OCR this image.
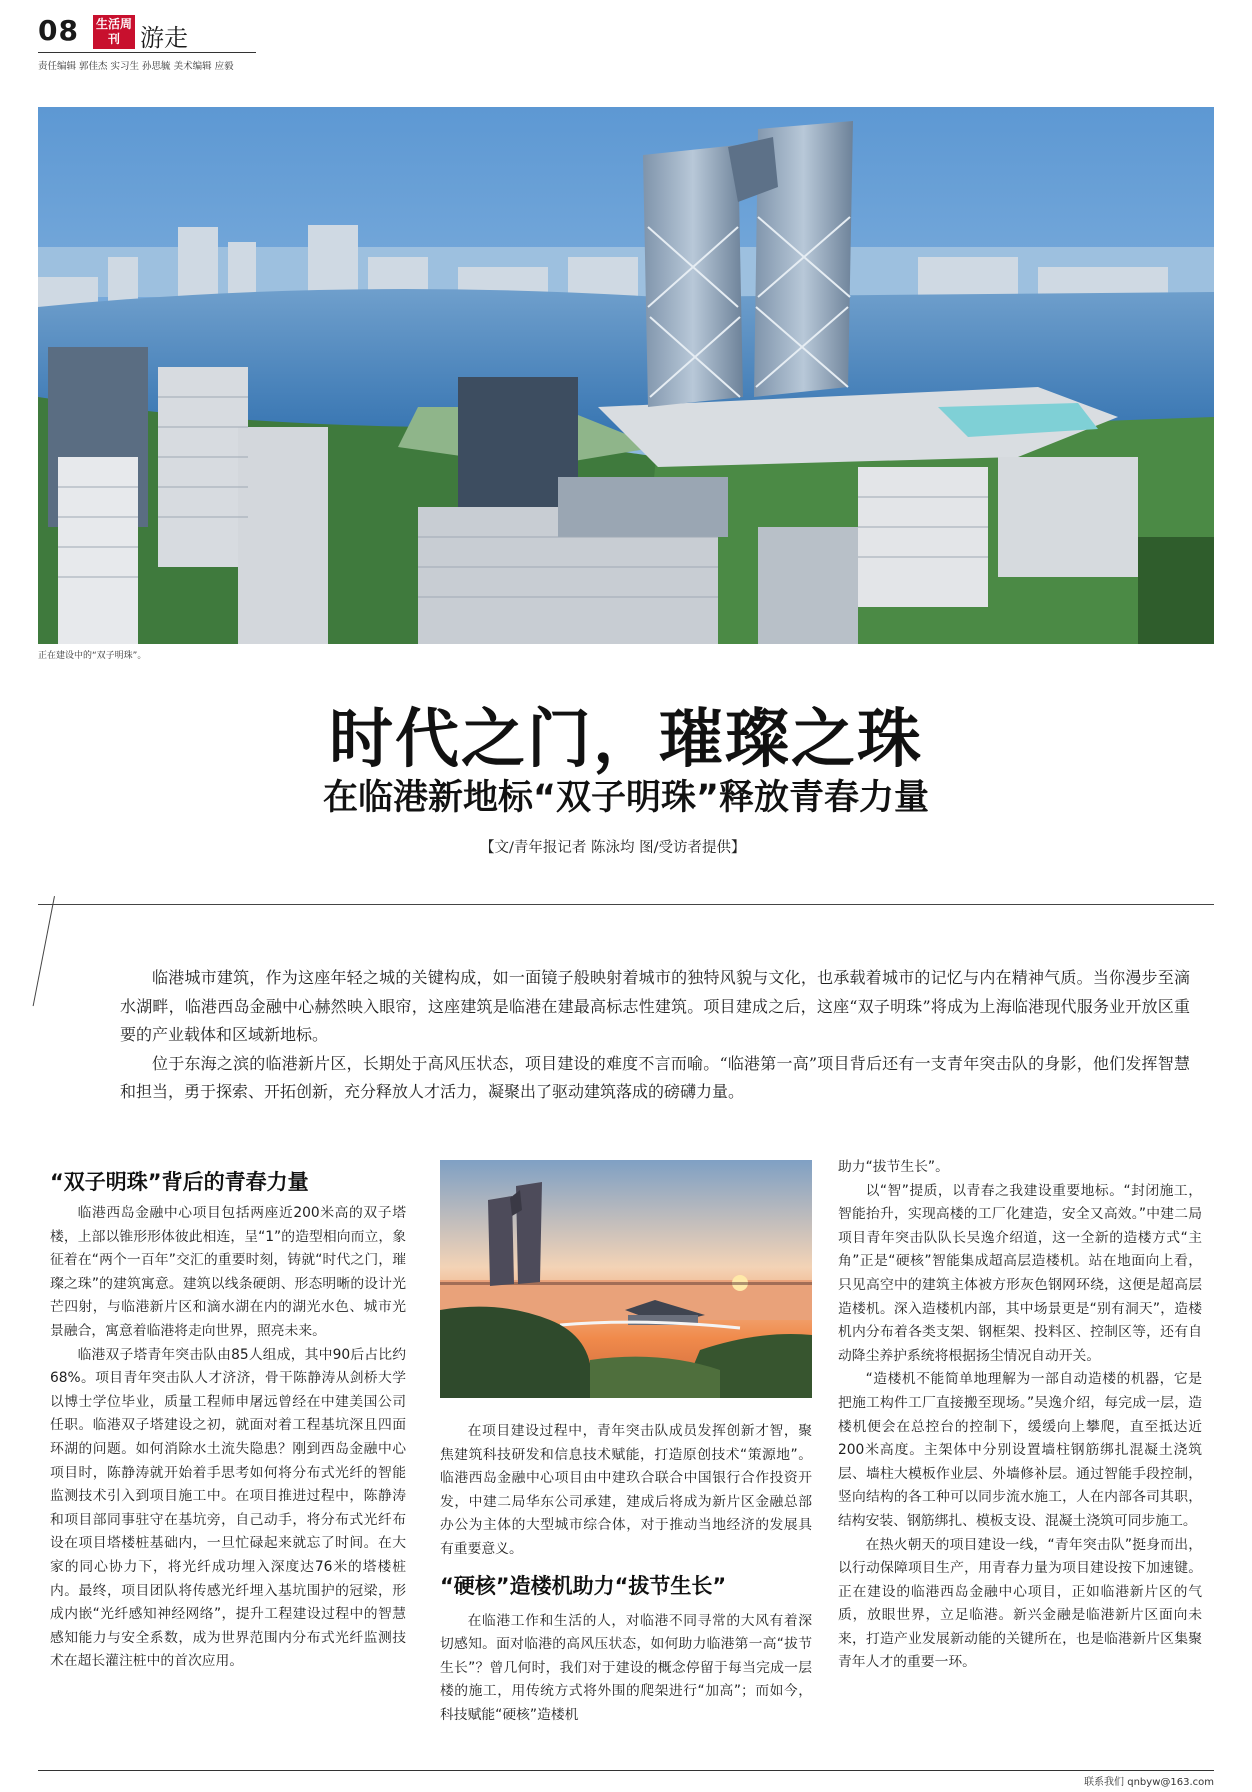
08 生活周刊 游走
责任编辑 郭佳杰 实习生 孙思毓 美术编辑 应毅
正在建设中的“双子明珠”。
时代之门，璀璨之珠
在临港新地标“双子明珠”释放青春力量
【文/青年报记者 陈泳均 图/受访者提供】

临港城市建筑，作为这座年轻之城的关键构成，如一面镜子般映射着城市的独特风貌与文化，也承载着城市的记忆与内在精神气质。当你漫步至滴水湖畔，临港西岛金融中心赫然映入眼帘，这座建筑是临港在建最高标志性建筑。项目建成之后，这座“双子明珠”将成为上海临港现代服务业开放区重要的产业载体和区域新地标。

位于东海之滨的临港新片区，长期处于高风压状态，项目建设的难度不言而喻。“临港第一高”项目背后还有一支青年突击队的身影，他们发挥智慧和担当，勇于探索、开拓创新，充分释放人才活力，凝聚出了驱动建筑落成的磅礴力量。

“双子明珠”背后的青春力量

临港西岛金融中心项目包括两座近200米高的双子塔楼，上部以锥形形体彼此相连，呈“1”的造型相向而立，象征着在“两个一百年”交汇的重要时刻，铸就“时代之门，璀璨之珠”的建筑寓意。建筑以线条硬朗、形态明晰的设计光芒四射，与临港新片区和滴水湖在内的湖光水色、城市光景融合，寓意着临港将走向世界，照亮未来。

临港双子塔青年突击队由85人组成，其中90后占比约68%。项目青年突击队人才济济，骨干陈静涛从剑桥大学以博士学位毕业，质量工程师申屠远曾经在中建美国公司任职。临港双子塔建设之初，就面对着工程基坑深且四面环湖的问题。如何消除水土流失隐患？刚到西岛金融中心项目时，陈静涛就开始着手思考如何将分布式光纤的智能监测技术引入到项目施工中。在项目推进过程中，陈静涛和项目部同事驻守在基坑旁，自己动手，将分布式光纤布设在项目塔楼桩基础内，一旦忙碌起来就忘了时间。在大家的同心协力下，将光纤成功埋入深度达76米的塔楼桩内。最终，项目团队将传感光纤埋入基坑围护的冠梁，形成内嵌“光纤感知神经网络”，提升工程建设过程中的智慧感知能力与安全系数，成为世界范围内分布式光纤监测技术在超长灌注桩中的首次应用。

在项目建设过程中，青年突击队成员发挥创新才智，聚焦建筑科技研发和信息技术赋能，打造原创技术“策源地”。临港西岛金融中心项目由中建玖合联合中国银行合作投资开发，中建二局华东公司承建，建成后将成为新片区金融总部办公为主体的大型城市综合体，对于推动当地经济的发展具有重要意义。

“硬核”造楼机助力“拔节生长”

在临港工作和生活的人，对临港不同寻常的大风有着深切感知。面对临港的高风压状态，如何助力临港第一高“拔节生长”？曾几何时，我们对于建设的概念停留于每当完成一层楼的施工，用传统方式将外围的爬架进行“加高”；而如今，科技赋能“硬核”造楼机

助力“拔节生长”。

以“智”提质，以青春之我建设重要地标。“封闭施工，智能抬升，实现高楼的工厂化建造，安全又高效。”中建二局项目青年突击队队长吴逸介绍道，这一全新的造楼方式“主角”正是“硬核”智能集成超高层造楼机。站在地面向上看，只见高空中的建筑主体被方形灰色钢网环绕，这便是超高层造楼机。深入造楼机内部，其中场景更是“别有洞天”，造楼机内分布着各类支架、钢框架、投料区、控制区等，还有自动降尘养护系统将根据扬尘情况自动开关。

“造楼机不能简单地理解为一部自动造楼的机器，它是把施工构件工厂直接搬至现场。”吴逸介绍，每完成一层，造楼机便会在总控台的控制下，缓缓向上攀爬，直至抵达近200米高度。主架体中分别设置墙柱钢筋绑扎混凝土浇筑层、墙柱大模板作业层、外墙修补层。通过智能手段控制，竖向结构的各工种可以同步流水施工，人在内部各司其职，结构安装、钢筋绑扎、模板支设、混凝土浇筑可同步施工。

在热火朝天的项目建设一线，“青年突击队”挺身而出，以行动保障项目生产，用青春力量为项目建设按下加速键。正在建设的临港西岛金融中心项目，正如临港新片区的气质，放眼世界，立足临港。新兴金融是临港新片区面向未来，打造产业发展新动能的关键所在，也是临港新片区集聚青年人才的重要一环。

联系我们 qnbyw@163.com
